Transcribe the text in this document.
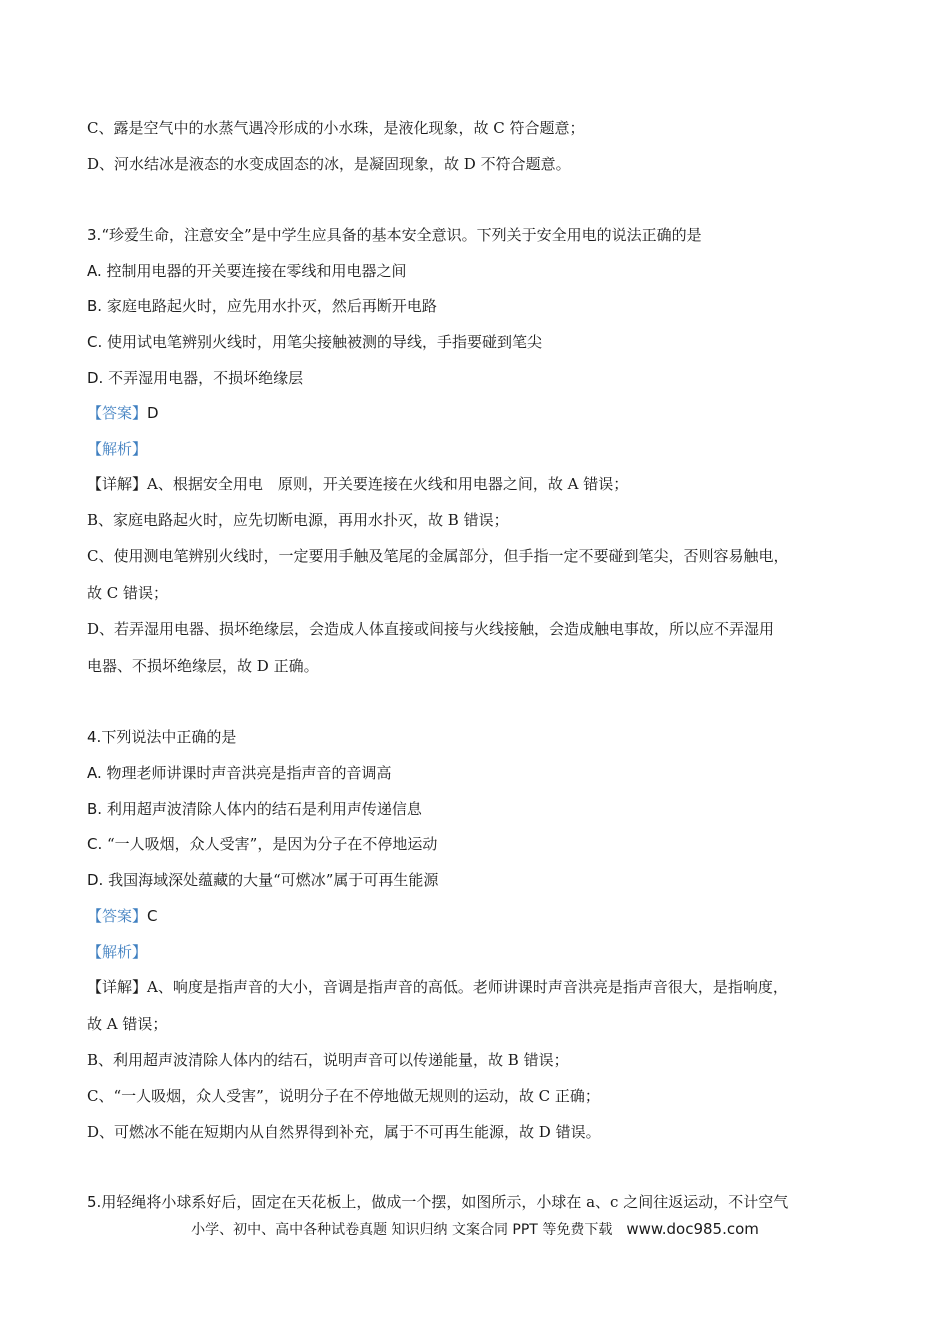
C、露是空气中的水蒸气遇冷形成的小水珠，是液化现象，故 C 符合题意；
D、河水结冰是液态的水变成固态的冰，是凝固现象，故 D 不符合题意。
3.“珍爱生命，注意安全”是中学生应具备的基本安全意识。下列关于安全用电的说法正确的是
A. 控制用电器的开关要连接在零线和用电器之间
B. 家庭电路起火时，应先用水扑灭，然后再断开电路
C. 使用试电笔辨别火线时，用笔尖接触被测的导线，手指要碰到笔尖
D. 不弄湿用电器，不损坏绝缘层
【答案】D
【解析】
【详解】A、根据安全用电　原则，开关要连接在火线和用电器之间，故 A 错误；
B、家庭电路起火时，应先切断电源，再用水扑灭，故 B 错误；
C、使用测电笔辨别火线时，一定要用手触及笔尾的金属部分，但手指一定不要碰到笔尖，否则容易触电，
故 C 错误；
D、若弄湿用电器、损坏绝缘层，会造成人体直接或间接与火线接触，会造成触电事故，所以应不弄湿用
电器、不损坏绝缘层，故 D 正确。
4.下列说法中正确的是
A. 物理老师讲课时声音洪亮是指声音的音调高
B. 利用超声波清除人体内的结石是利用声传递信息
C. “一人吸烟，众人受害”，是因为分子在不停地运动
D. 我国海域深处蕴藏的大量“可燃冰”属于可再生能源
【答案】C
【解析】
【详解】A、响度是指声音的大小，音调是指声音的高低。老师讲课时声音洪亮是指声音很大，是指响度，
故 A 错误；
B、利用超声波清除人体内的结石，说明声音可以传递能量，故 B 错误；
C、“一人吸烟，众人受害”，说明分子在不停地做无规则的运动，故 C 正确；
D、可燃冰不能在短期内从自然界得到补充，属于不可再生能源，故 D 错误。
5.用轻绳将小球系好后，固定在天花板上，做成一个摆，如图所示，小球在 a、c 之间往返运动，不计空气
小学、初中、高中各种试卷真题 知识归纳 文案合同 PPT 等免费下载 www.doc985.com
